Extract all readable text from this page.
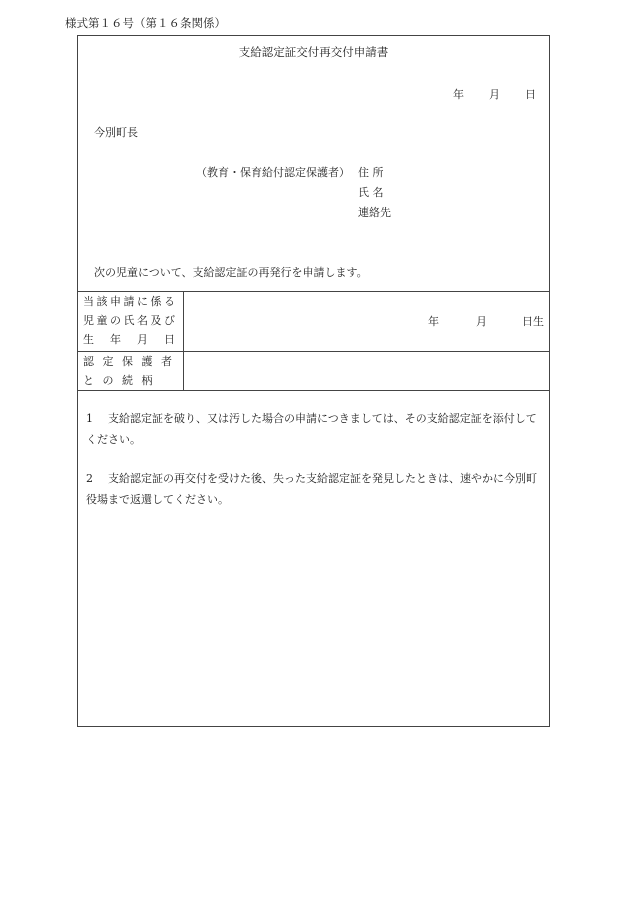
様式第１６号（第１６条関係）
支給認定証交付再交付申請書
年 月 日
今別町長
（教育・保育給付認定保護者） 住 所
氏 名
連絡先
次の児童について、支給認定証の再発行を申請します。
当該申請に係る
児童の氏名及び
生　年　月　日
年	月	日生
認 定 保 護 者
と の 続 柄
1 支給認定証を破り、又は汚した場合の申請につきましては、その支給認定証を添付してください。
2 支給認定証の再交付を受けた後、失った支給認定証を発見したときは、速やかに今別町役場まで返還してください。
